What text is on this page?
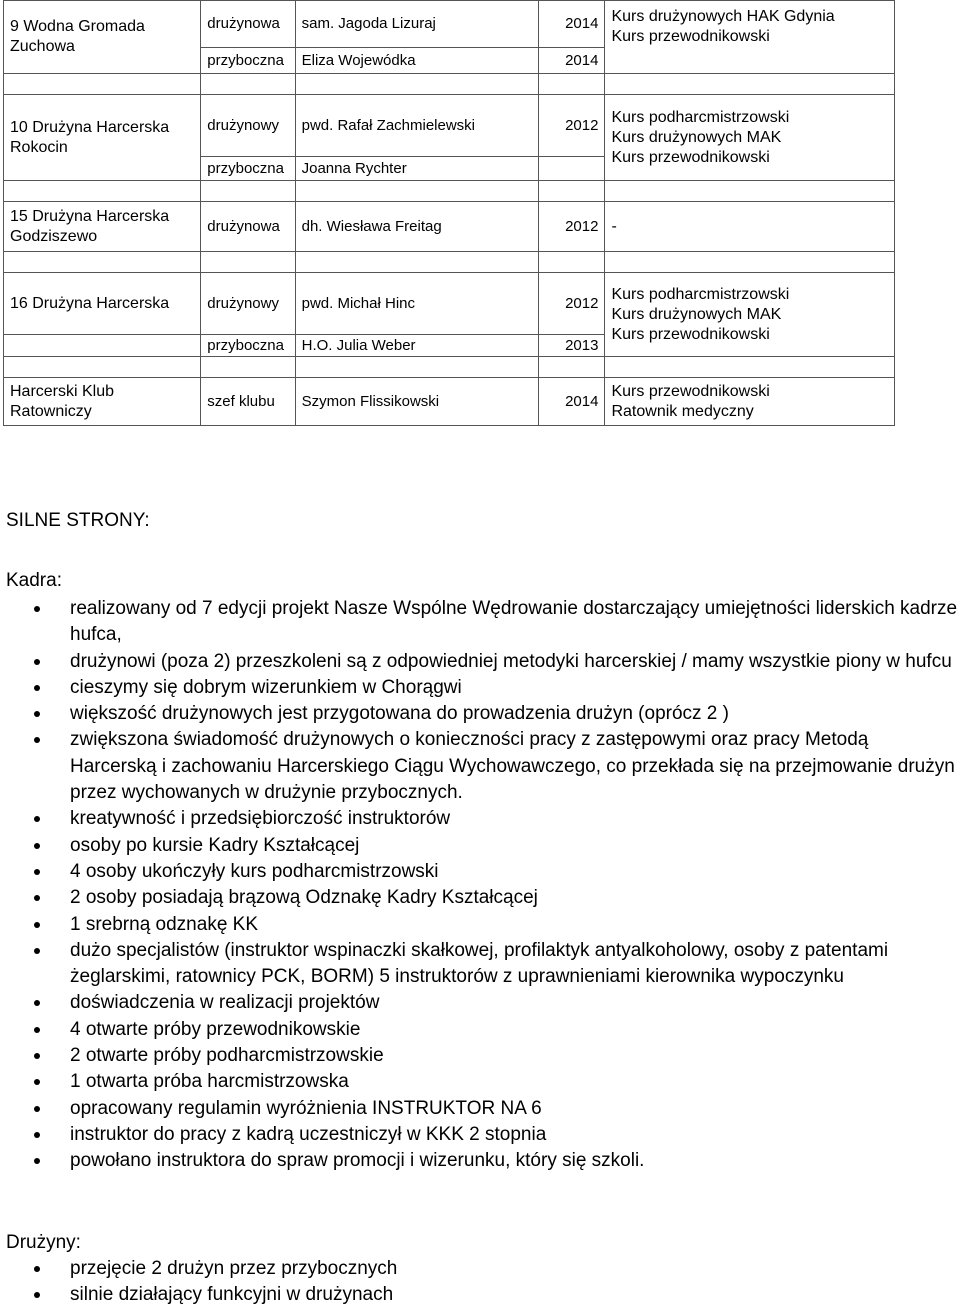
9 Wodna Gromada Zuchowa	drużynowa	sam. Jagoda Lizuraj	2014	Kurs drużynowych HAK Gdynia
Kurs przewodnikowski

	przyboczna	Eliza Wojewódka	2014	

10 Drużyna Harcerska Rokocin	drużynowy	pwd. Rafał Zachmielewski	2012	Kurs podharcmistrzowski
Kurs drużynowych MAK
Kurs przewodnikowski

	przyboczna	Joanna Rychter		

15 Drużyna Harcerska Godziszewo	drużynowa	dh. Wiesława Freitag	2012	-

16 Drużyna Harcerska	drużynowy	pwd. Michał Hinc	2012	Kurs podharcmistrzowski
Kurs drużynowych MAK
Kurs przewodnikowski

	przyboczna	H.O. Julia Weber	2013	

Harcerski Klub Ratowniczy	szef klubu	Szymon Flissikowski	2014	Kurs przewodnikowski
Ratownik medyczny
SILNE STRONY:
Kadra:
realizowany od 7 edycji projekt Nasze Wspólne Wędrowanie dostarczający umiejętności liderskich kadrze hufca,
drużynowi (poza 2) przeszkoleni są z odpowiedniej metodyki harcerskiej / mamy wszystkie piony w hufcu
cieszymy się dobrym wizerunkiem w Chorągwi
większość drużynowych jest przygotowana do prowadzenia drużyn (oprócz 2 )
zwiększona świadomość drużynowych o konieczności pracy z zastępowymi oraz pracy Metodą Harcerską i zachowaniu Harcerskiego Ciągu Wychowawczego, co przekłada się na przejmowanie drużyn przez wychowanych w drużynie przybocznych.
kreatywność i przedsiębiorczość instruktorów
osoby po kursie Kadry Kształcącej
4 osoby ukończyły kurs podharcmistrzowski
2 osoby posiadają brązową Odznakę Kadry Kształcącej
1 srebrną odznakę KK
dużo specjalistów (instruktor wspinaczki skałkowej, profilaktyk antyalkoholowy, osoby z patentami żeglarskimi, ratownicy PCK, BORM) 5 instruktorów z uprawnieniami kierownika wypoczynku
doświadczenia w realizacji projektów
4 otwarte próby przewodnikowskie
2 otwarte próby podharcmistrzowskie
1 otwarta próba harcmistrzowska
opracowany regulamin wyróżnienia INSTRUKTOR NA 6
instruktor do pracy z kadrą uczestniczył w KKK 2 stopnia
powołano instruktora do spraw promocji i wizerunku, który się szkoli.
Drużyny:
przejęcie 2 drużyn przez przybocznych
silnie działający funkcyjni w drużynach
